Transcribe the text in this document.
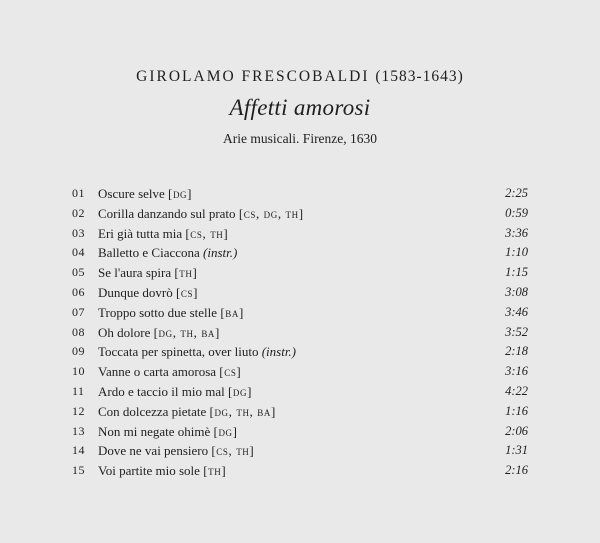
GIROLAMO FRESCOBALDI (1583-1643)
Affetti amorosi
Arie musicali. Firenze, 1630
01	Oscure selve [dg]	2:25
02	Corilla danzando sul prato [cs, dg, th]	0:59
03	Eri già tutta mia [cs, th]	3:36
04	Balletto e Ciaccona (instr.)	1:10
05	Se l'aura spira [th]	1:15
06	Dunque dovrò [cs]	3:08
07	Troppo sotto due stelle [ba]	3:46
08	Oh dolore [dg, th, ba]	3:52
09	Toccata per spinetta, over liuto (instr.)	2:18
10	Vanne o carta amorosa [cs]	3:16
11	Ardo e taccio il mio mal [dg]	4:22
12	Con dolcezza pietate [dg, th, ba]	1:16
13	Non mi negate ohimè [dg]	2:06
14	Dove ne vai pensiero [cs, th]	1:31
15	Voi partite mio sole [th]	2:16
